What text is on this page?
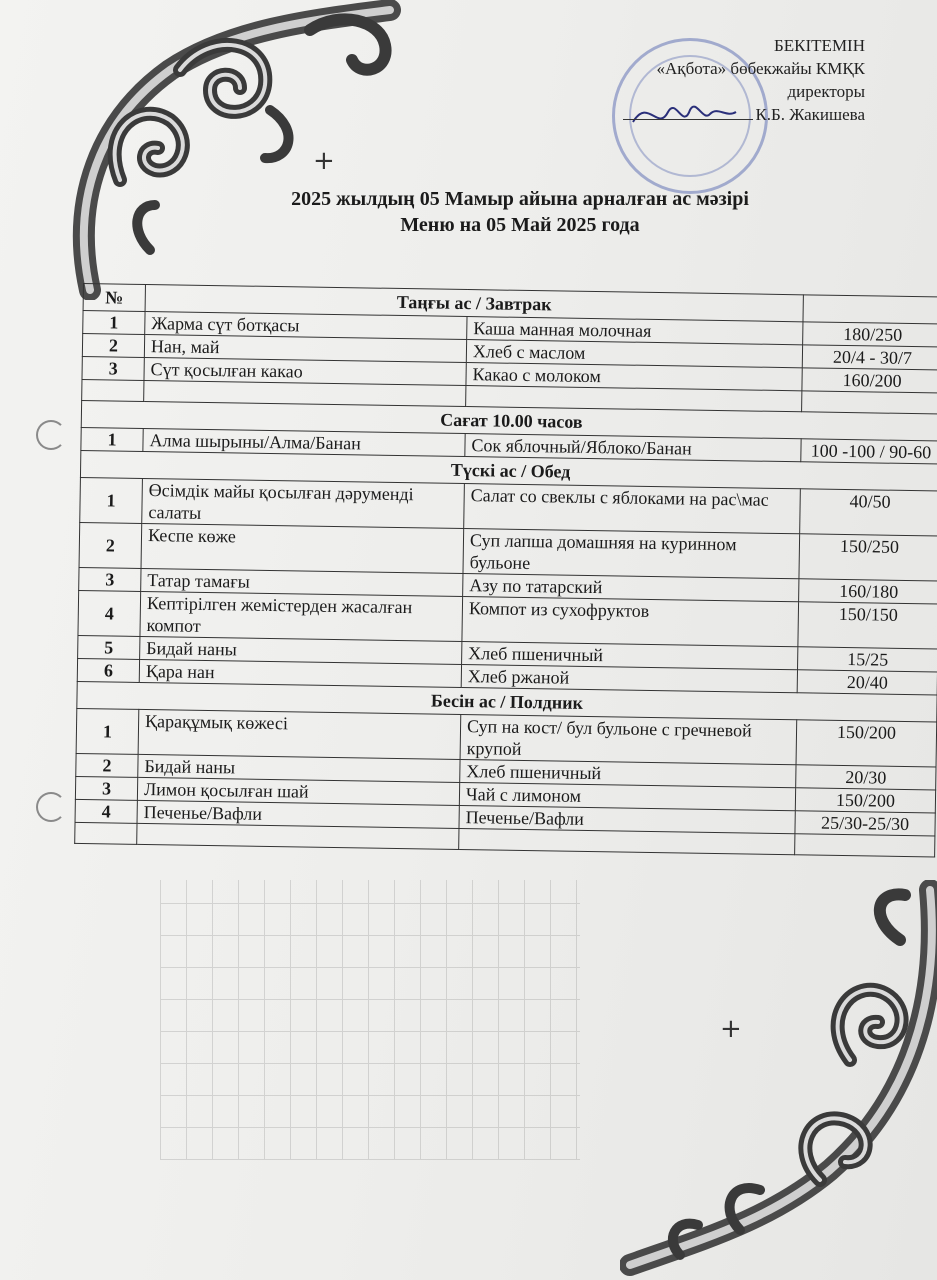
+
+
БЕКІТЕМІН
«Ақбота» бөбекжайы КМҚК
директоры
К.Б. Жакишева
2025 жылдың 05 Мамыр айына арналған ас мәзірі
Меню на 05 Май 2025 года
№	Таңғы ас / Завтрак		
1	Жарма сүт ботқасы	Каша манная молочная	180/250
2	Нан, май	Хлеб с маслом	20/4 - 30/7
3	Сүт қосылған какао	Какао с молоком	160/200

Сағат 10.00 часов			
1	Алма шырыны/Алма/Банан	Сок яблочный/Яблоко/Банан	100 -100 / 90-60
Түскі ас / Обед			
1	Өсімдік майы қосылған дәруменді салаты	Салат со свеклы с яблоками на рас\мас	40/50
2	Кеспе көже	Суп лапша домашняя на куринном бульоне	150/250
3	Татар тамағы	Азу по татарский	160/180
4	Кептірілген жемістерден жасалған компот	Компот из сухофруктов	150/150
5	Бидай наны	Хлеб пшеничный	15/25
6	Қара нан	Хлеб ржаной	20/40
Бесін ас / Полдник			
1	Қарақұмық көжесі	Суп на кост/ бул бульоне с гречневой крупой	150/200
2	Бидай наны	Хлеб пшеничный	20/30
3	Лимон қосылған шай	Чай с лимоном	150/200
4	Печенье/Вафли	Печенье/Вафли	25/30-25/30
